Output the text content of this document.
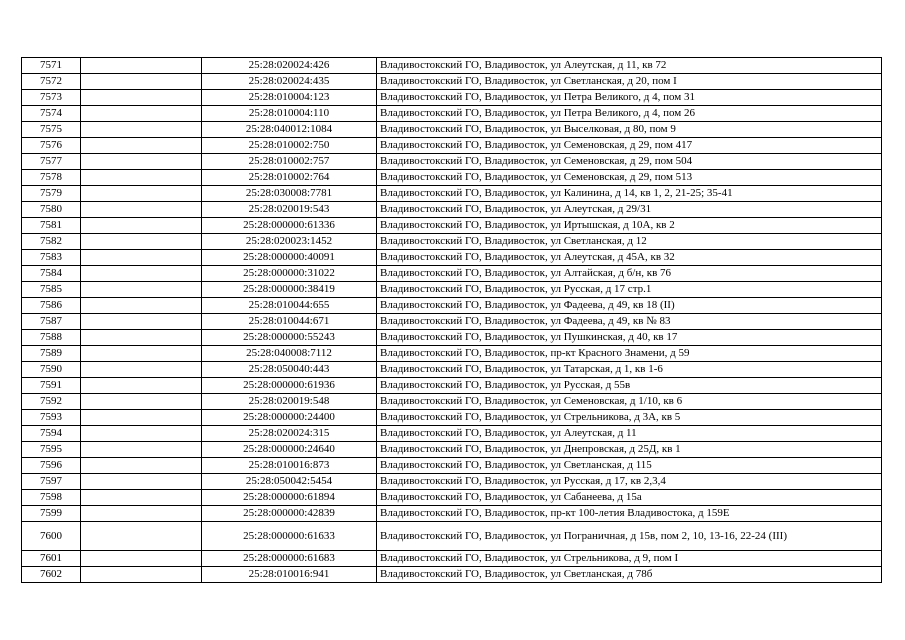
7571		25:28:020024:426	Владивостокский ГО, Владивосток, ул Алеутская, д 11, кв 72
7572		25:28:020024:435	Владивостокский ГО, Владивосток, ул Светланская, д 20, пом I
7573		25:28:010004:123	Владивостокский ГО, Владивосток, ул Петра Великого, д 4, пом 31
7574		25:28:010004:110	Владивостокский ГО, Владивосток, ул Петра Великого, д 4, пом 26
7575		25:28:040012:1084	Владивостокский ГО, Владивосток, ул Выселковая, д 80, пом 9
7576		25:28:010002:750	Владивостокский ГО, Владивосток, ул Семеновская, д 29, пом 417
7577		25:28:010002:757	Владивостокский ГО, Владивосток, ул Семеновская, д 29, пом 504
7578		25:28:010002:764	Владивостокский ГО, Владивосток, ул Семеновская, д 29, пом 513
7579		25:28:030008:7781	Владивостокский ГО, Владивосток, ул Калинина, д 14, кв 1, 2, 21-25; 35-41
7580		25:28:020019:543	Владивостокский ГО, Владивосток, ул Алеутская, д 29/31
7581		25:28:000000:61336	Владивостокский ГО, Владивосток, ул Иртышская, д 10А, кв 2
7582		25:28:020023:1452	Владивостокский ГО, Владивосток, ул Светланская, д 12
7583		25:28:000000:40091	Владивостокский ГО, Владивосток, ул Алеутская, д 45А, кв 32
7584		25:28:000000:31022	Владивостокский ГО, Владивосток, ул Алтайская, д б/н, кв 76
7585		25:28:000000:38419	Владивостокский ГО, Владивосток, ул Русская, д 17 стр.1
7586		25:28:010044:655	Владивостокский ГО, Владивосток, ул Фадеева, д 49, кв 18 (II)
7587		25:28:010044:671	Владивостокский ГО, Владивосток, ул Фадеева, д 49, кв № 83
7588		25:28:000000:55243	Владивостокский ГО, Владивосток, ул Пушкинская, д 40, кв 17
7589		25:28:040008:7112	Владивостокский ГО, Владивосток, пр-кт Красного Знамени, д 59
7590		25:28:050040:443	Владивостокский ГО, Владивосток, ул Татарская, д 1, кв 1-6
7591		25:28:000000:61936	Владивостокский ГО, Владивосток, ул Русская, д 55в
7592		25:28:020019:548	Владивостокский ГО, Владивосток, ул Семеновская, д 1/10, кв 6
7593		25:28:000000:24400	Владивостокский ГО, Владивосток, ул Стрельникова, д 3А, кв 5
7594		25:28:020024:315	Владивостокский ГО, Владивосток, ул Алеутская, д 11
7595		25:28:000000:24640	Владивостокский ГО, Владивосток, ул Днепровская, д 25Д, кв 1
7596		25:28:010016:873	Владивостокский ГО, Владивосток, ул Светланская, д 115
7597		25:28:050042:5454	Владивостокский ГО, Владивосток, ул Русская, д 17, кв 2,3,4
7598		25:28:000000:61894	Владивостокский ГО, Владивосток, ул Сабанеева, д 15а
7599		25:28:000000:42839	Владивостокский ГО, Владивосток, пр-кт 100-летия Владивостока, д 159Е
7600		25:28:000000:61633	Владивостокский ГО, Владивосток, ул Пограничная, д 15в, пом 2, 10, 13-16, 22-24 (III)
7601		25:28:000000:61683	Владивостокский ГО, Владивосток, ул Стрельникова, д 9, пом I
7602		25:28:010016:941	Владивостокский ГО, Владивосток, ул Светланская, д 78б
